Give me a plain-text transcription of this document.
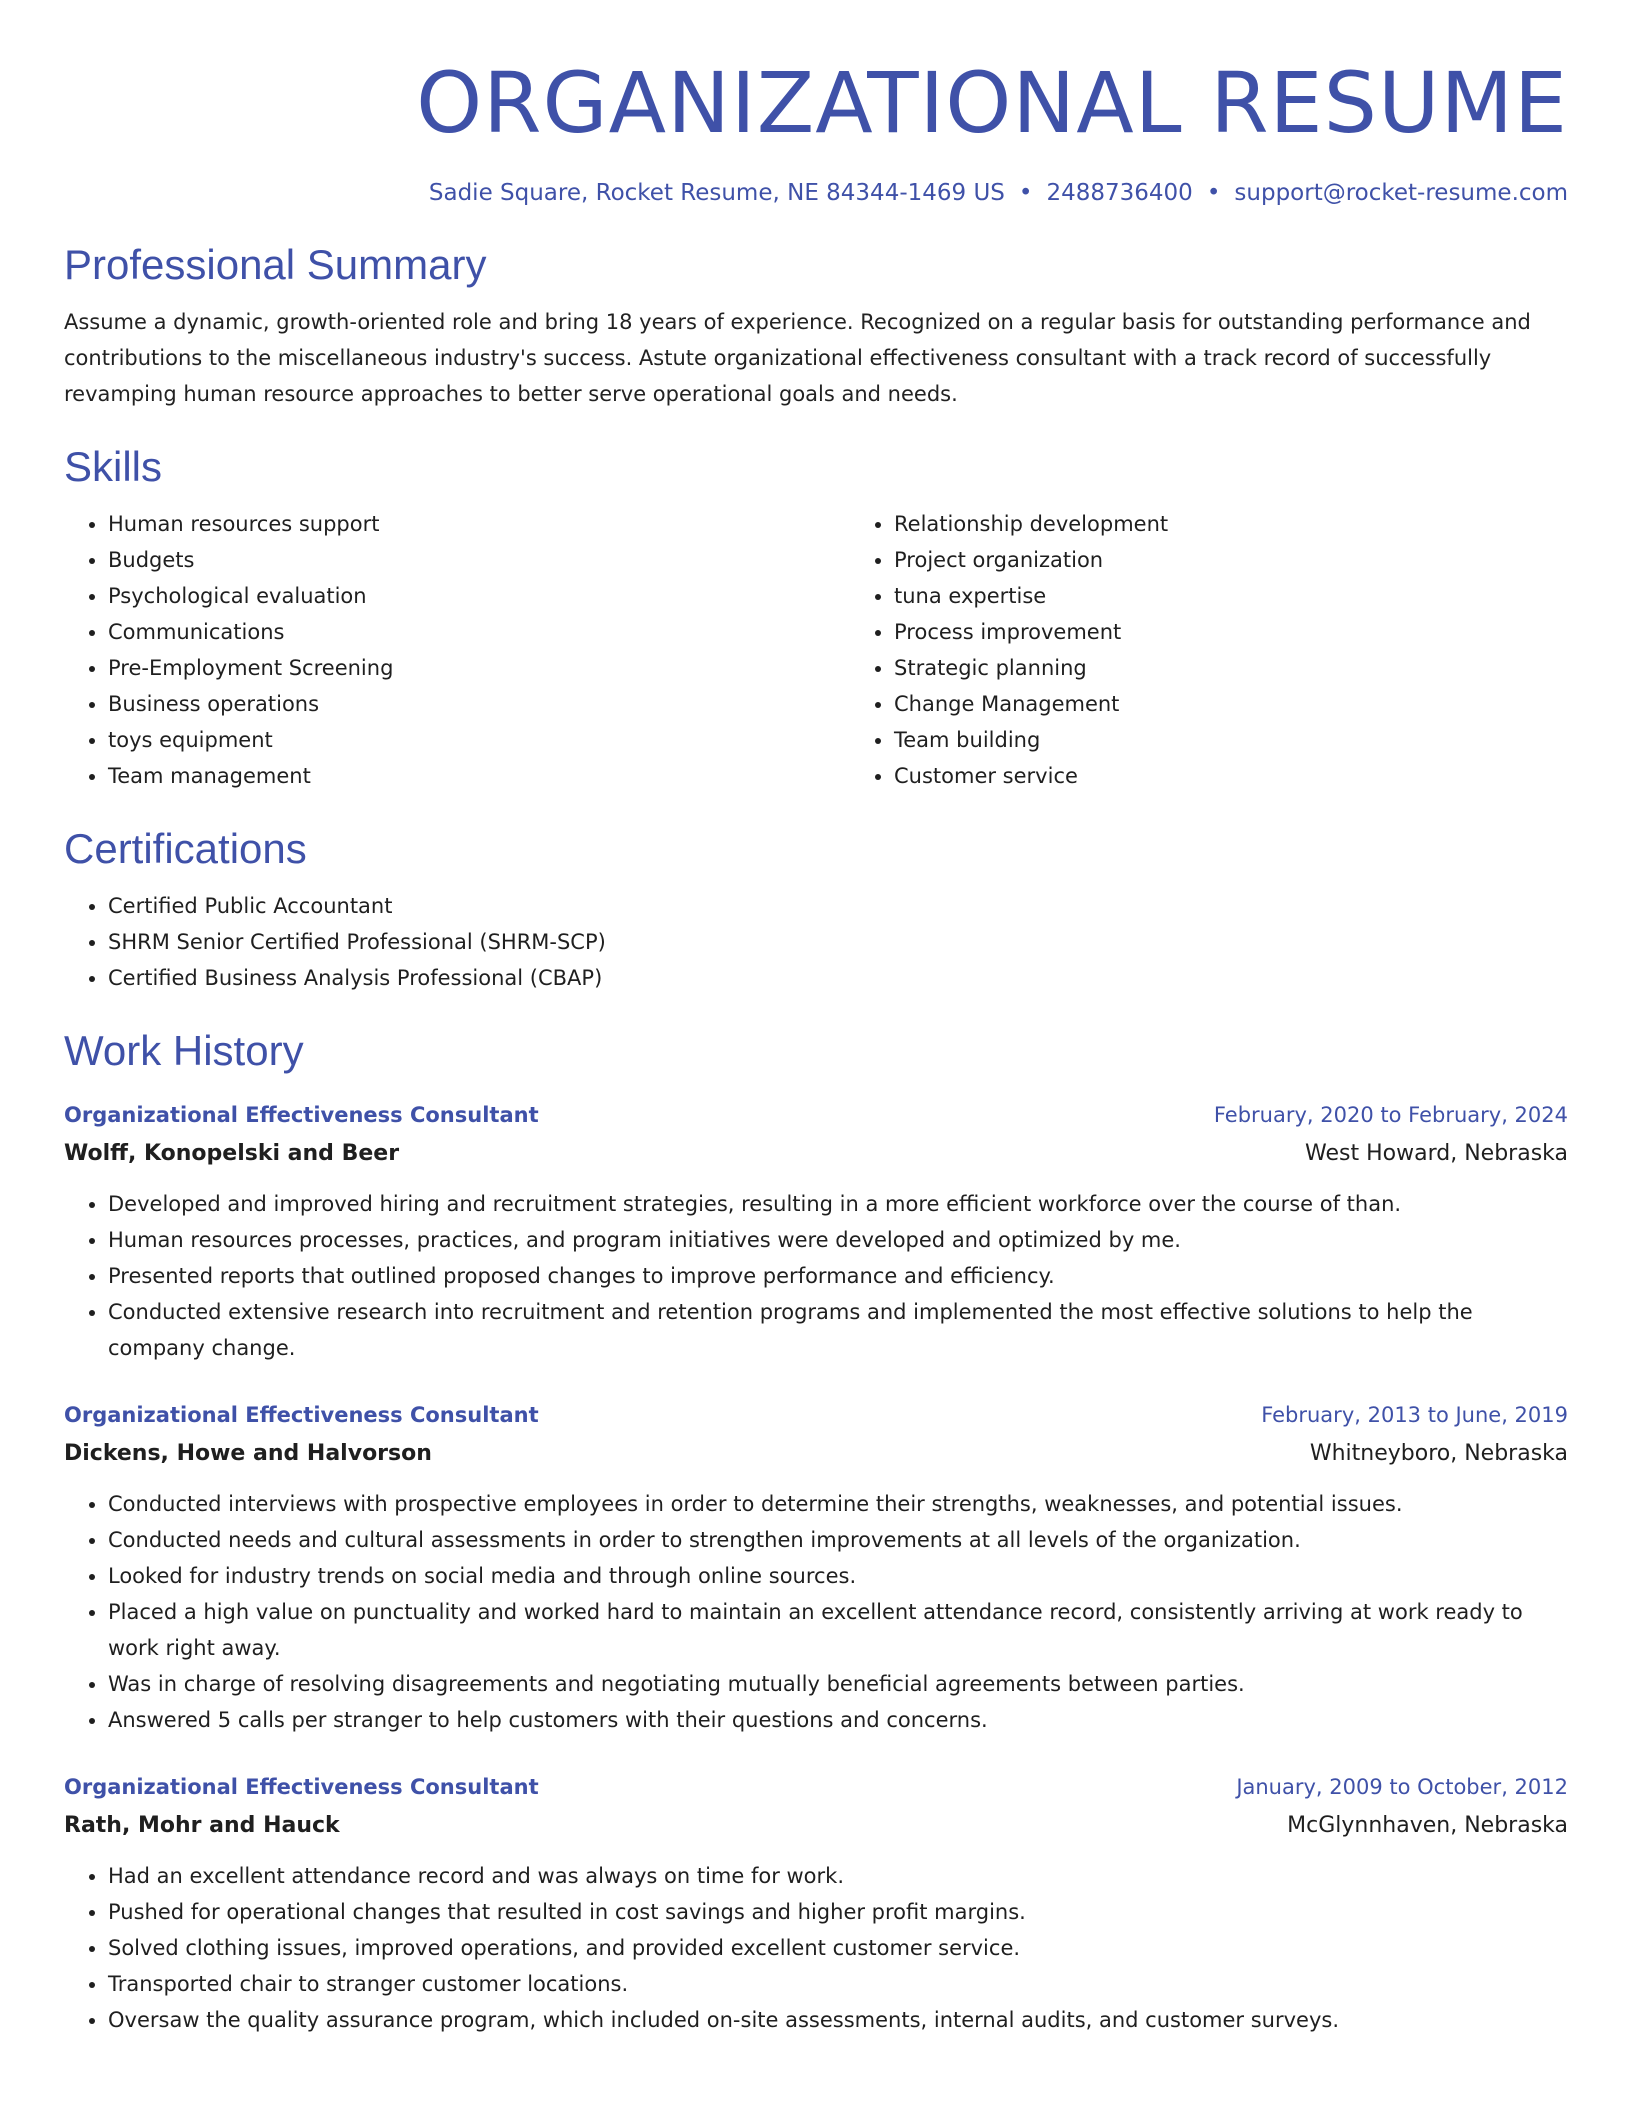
ORGANIZATIONAL RESUME
Sadie Square, Rocket Resume, NE 84344-1469 US • 2488736400 • support@rocket-resume.com
Professional Summary
Assume a dynamic, growth-oriented role and bring 18 years of experience. Recognized on a regular basis for outstanding performance and contributions to the miscellaneous industry's success. Astute organizational effectiveness consultant with a track record of successfully revamping human resource approaches to better serve operational goals and needs.
Skills
• Human resources support
• Budgets
• Psychological evaluation
• Communications
• Pre-Employment Screening
• Business operations
• toys equipment
• Team management
• Relationship development
• Project organization
• tuna expertise
• Process improvement
• Strategic planning
• Change Management
• Team building
• Customer service
Certifications
• Certified Public Accountant
• SHRM Senior Certified Professional (SHRM-SCP)
• Certified Business Analysis Professional (CBAP)
Work History
Organizational Effectiveness Consultant	February, 2020 to February, 2024
Wolff, Konopelski and Beer	West Howard, Nebraska
• Developed and improved hiring and recruitment strategies, resulting in a more efficient workforce over the course of than.
• Human resources processes, practices, and program initiatives were developed and optimized by me.
• Presented reports that outlined proposed changes to improve performance and efficiency.
• Conducted extensive research into recruitment and retention programs and implemented the most effective solutions to help the company change.
Organizational Effectiveness Consultant	February, 2013 to June, 2019
Dickens, Howe and Halvorson	Whitneyboro, Nebraska
• Conducted interviews with prospective employees in order to determine their strengths, weaknesses, and potential issues.
• Conducted needs and cultural assessments in order to strengthen improvements at all levels of the organization.
• Looked for industry trends on social media and through online sources.
• Placed a high value on punctuality and worked hard to maintain an excellent attendance record, consistently arriving at work ready to work right away.
• Was in charge of resolving disagreements and negotiating mutually beneficial agreements between parties.
• Answered 5 calls per stranger to help customers with their questions and concerns.
Organizational Effectiveness Consultant	January, 2009 to October, 2012
Rath, Mohr and Hauck	McGlynnhaven, Nebraska
• Had an excellent attendance record and was always on time for work.
• Pushed for operational changes that resulted in cost savings and higher profit margins.
• Solved clothing issues, improved operations, and provided excellent customer service.
• Transported chair to stranger customer locations.
• Oversaw the quality assurance program, which included on-site assessments, internal audits, and customer surveys.
